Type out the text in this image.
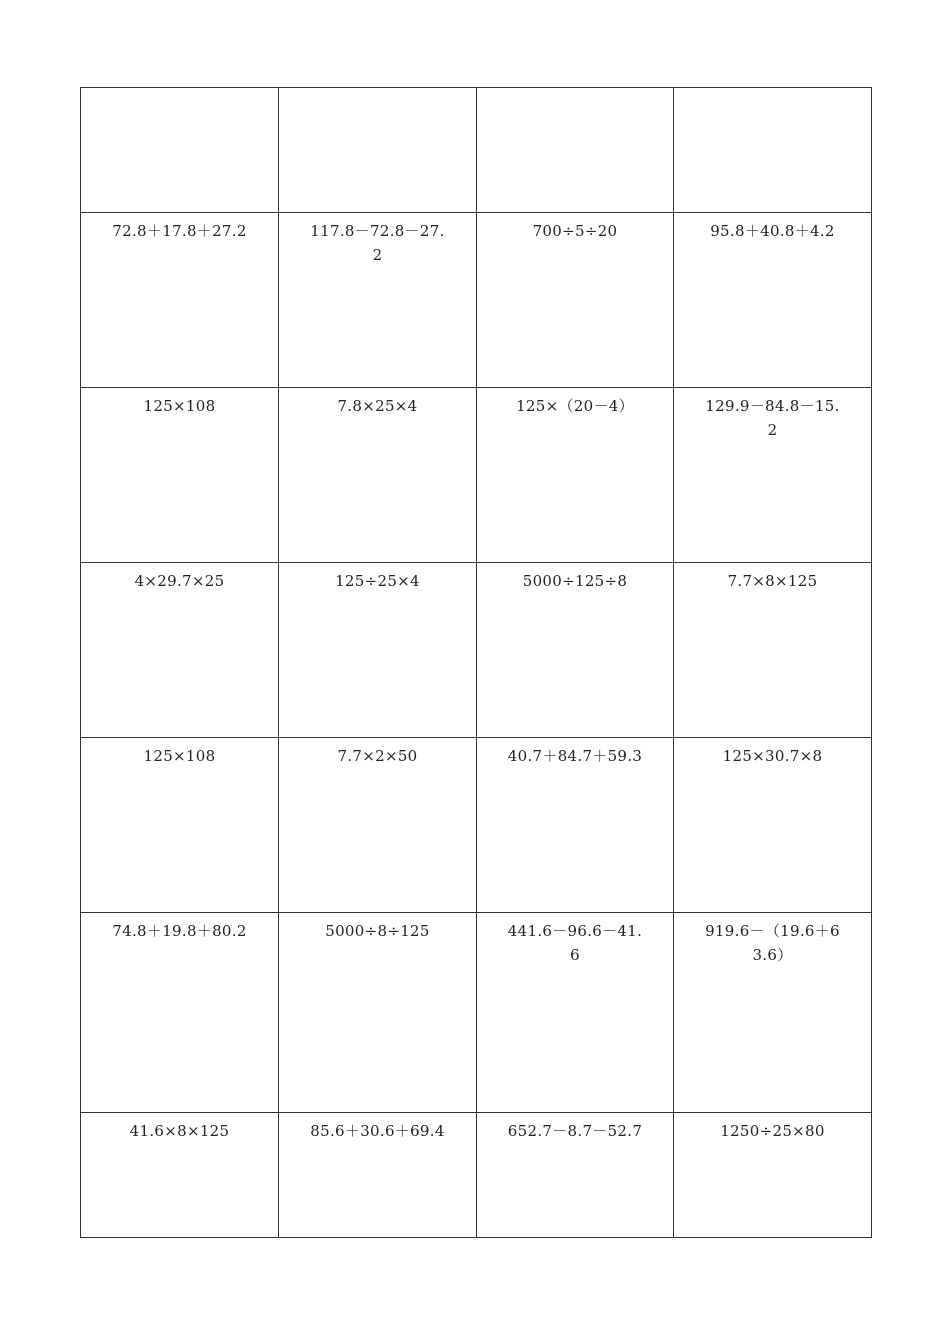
72.8＋17.8＋27.2	117.8－72.8－27.2	700÷5÷20	95.8＋40.8＋4.2
125×108	7.8×25×4	125×（20－4）	129.9－84.8－15.2
4×29.7×25	125÷25×4	5000÷125÷8	7.7×8×125
125×108	7.7×2×50	40.7＋84.7＋59.3	125×30.7×8
74.8＋19.8＋80.2	5000÷8÷125	441.6－96.6－41.6	919.6－（19.6＋63.6）
41.6×8×125	85.6＋30.6＋69.4	652.7－8.7－52.7	1250÷25×80
